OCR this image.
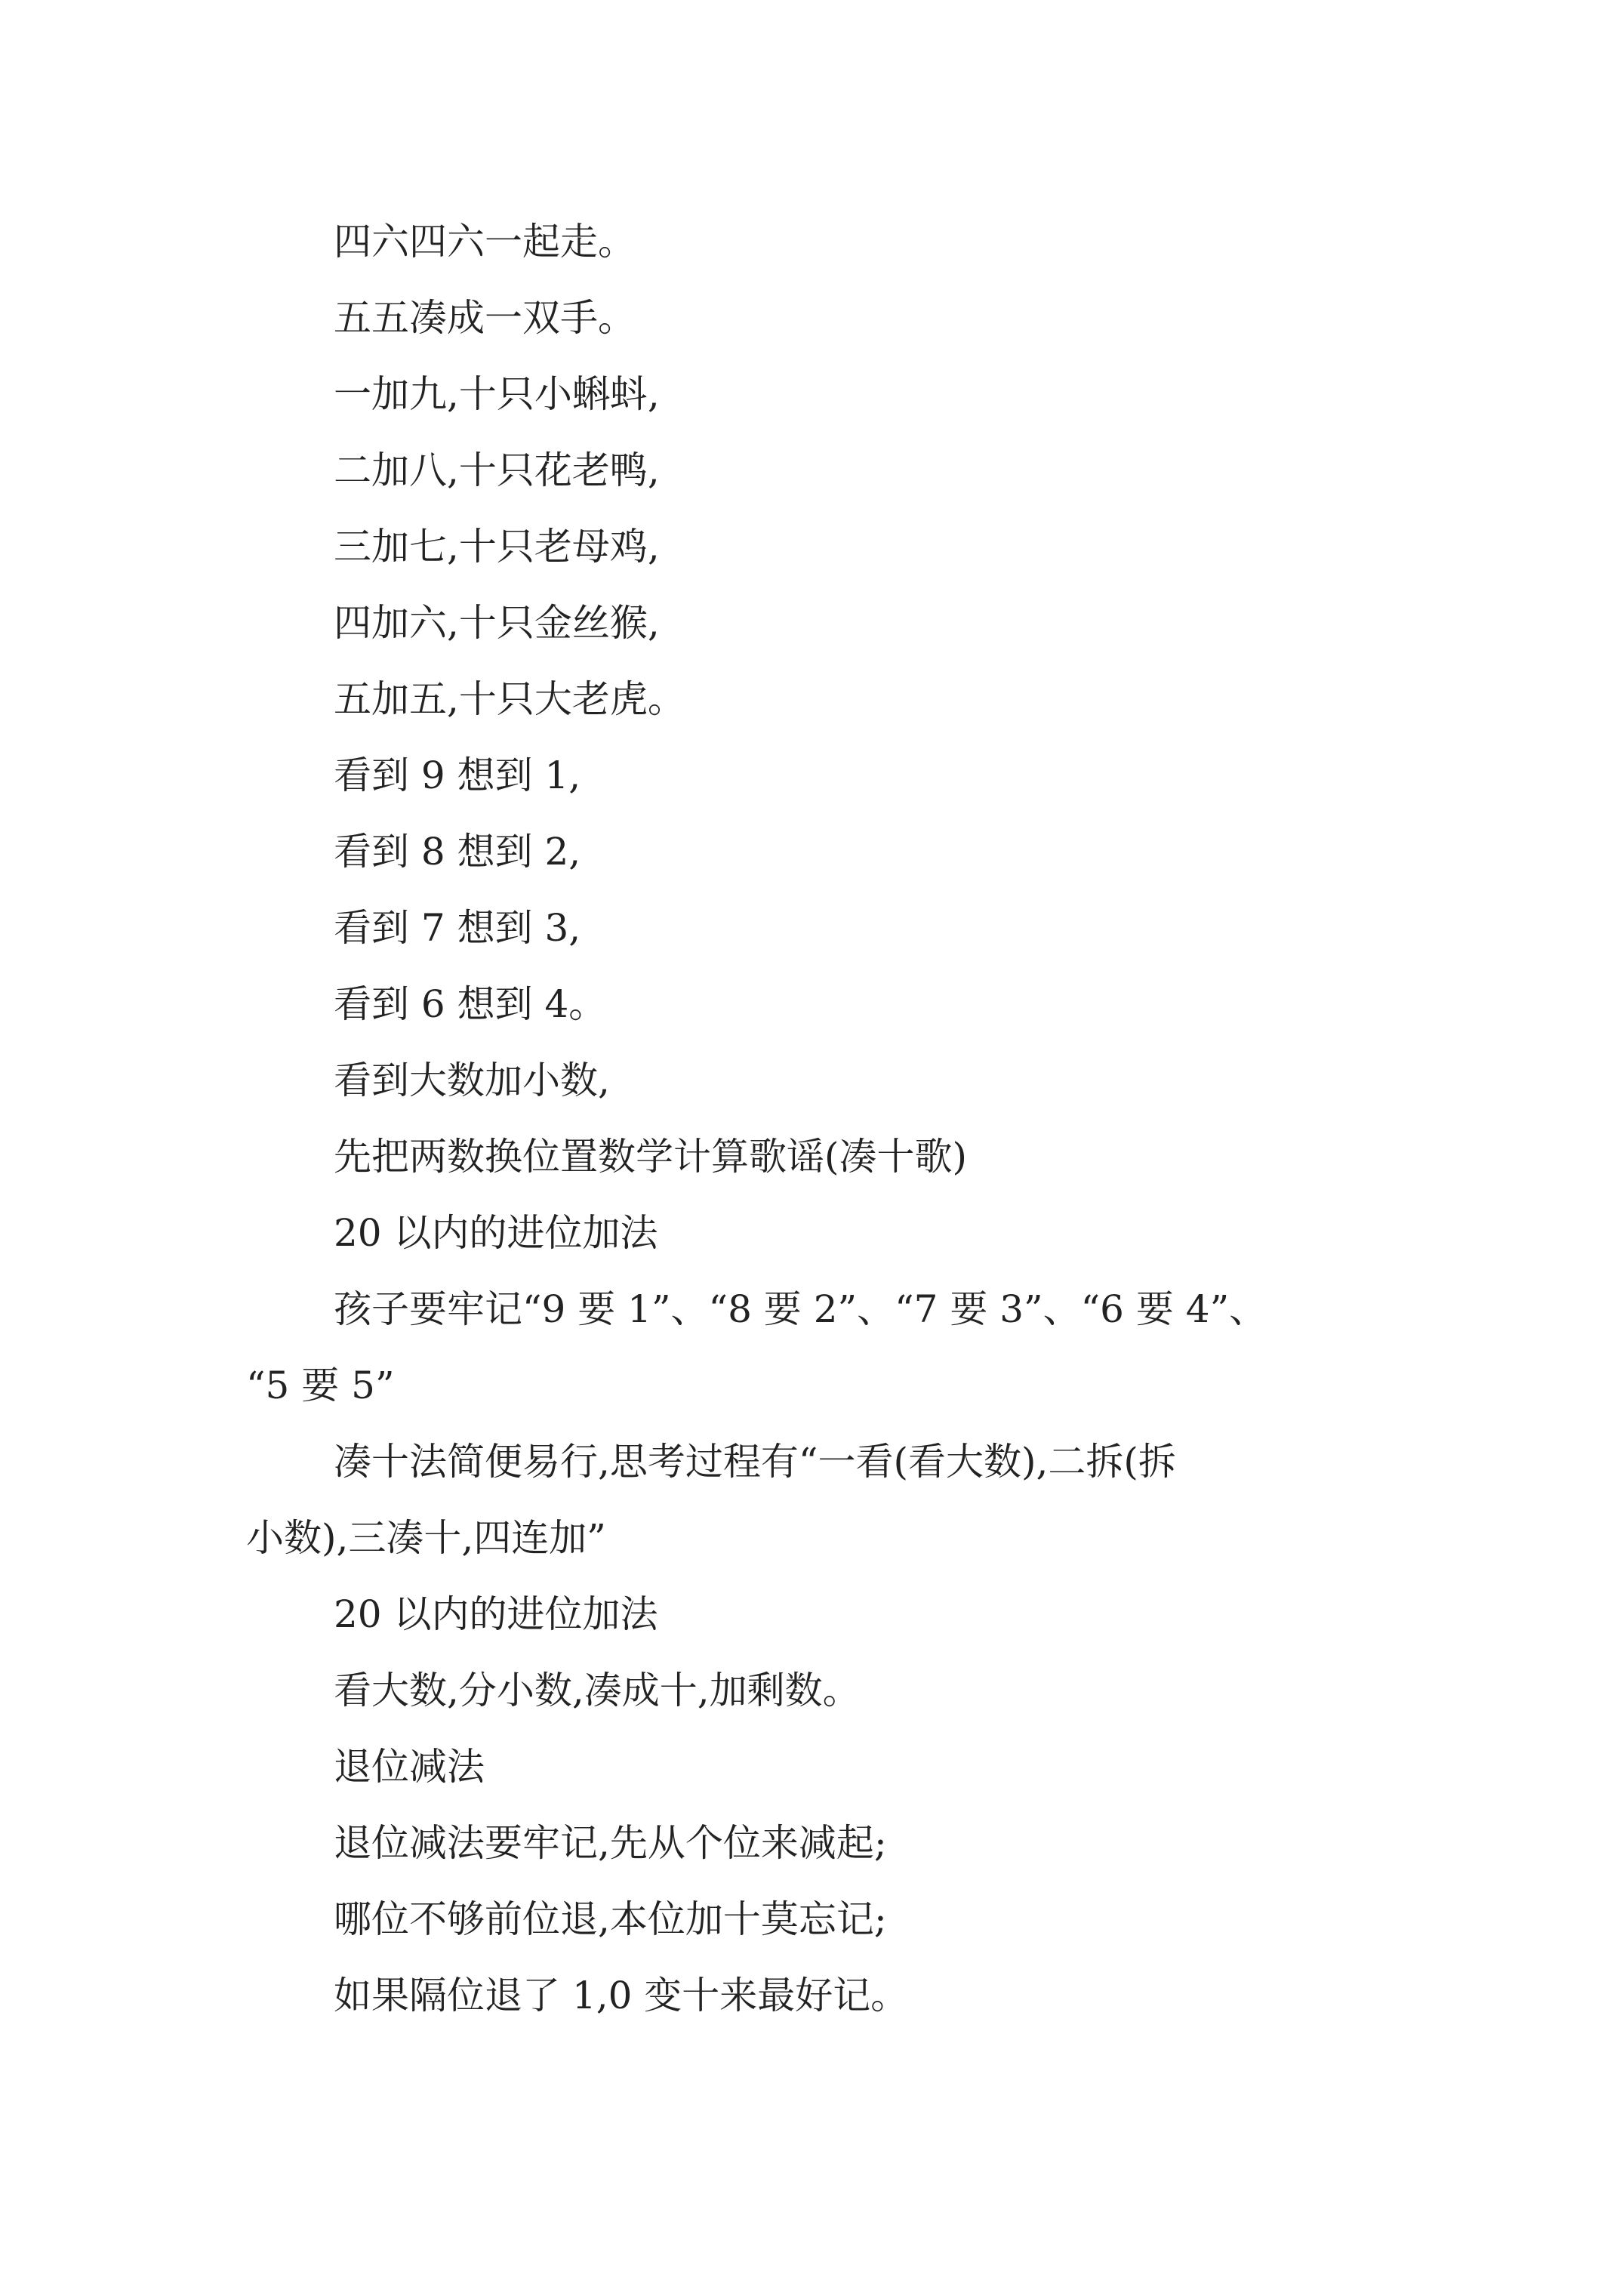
四六四六一起走。
五五凑成一双手。
一加九,十只小蝌蚪,
二加八,十只花老鸭,
三加七,十只老母鸡,
四加六,十只金丝猴,
五加五,十只大老虎。
看到 9 想到 1,
看到 8 想到 2,
看到 7 想到 3,
看到 6 想到 4。
看到大数加小数,
先把两数换位置数学计算歌谣(凑十歌)
20 以内的进位加法
孩子要牢记“9 要 1”、“8 要 2”、“7 要 3”、“6 要 4”、
“5 要 5”
凑十法简便易行,思考过程有“一看(看大数),二拆(拆
小数),三凑十,四连加”
20 以内的进位加法
看大数,分小数,凑成十,加剩数。
退位减法
退位减法要牢记,先从个位来减起;
哪位不够前位退,本位加十莫忘记;
如果隔位退了 1,0 变十来最好记。
